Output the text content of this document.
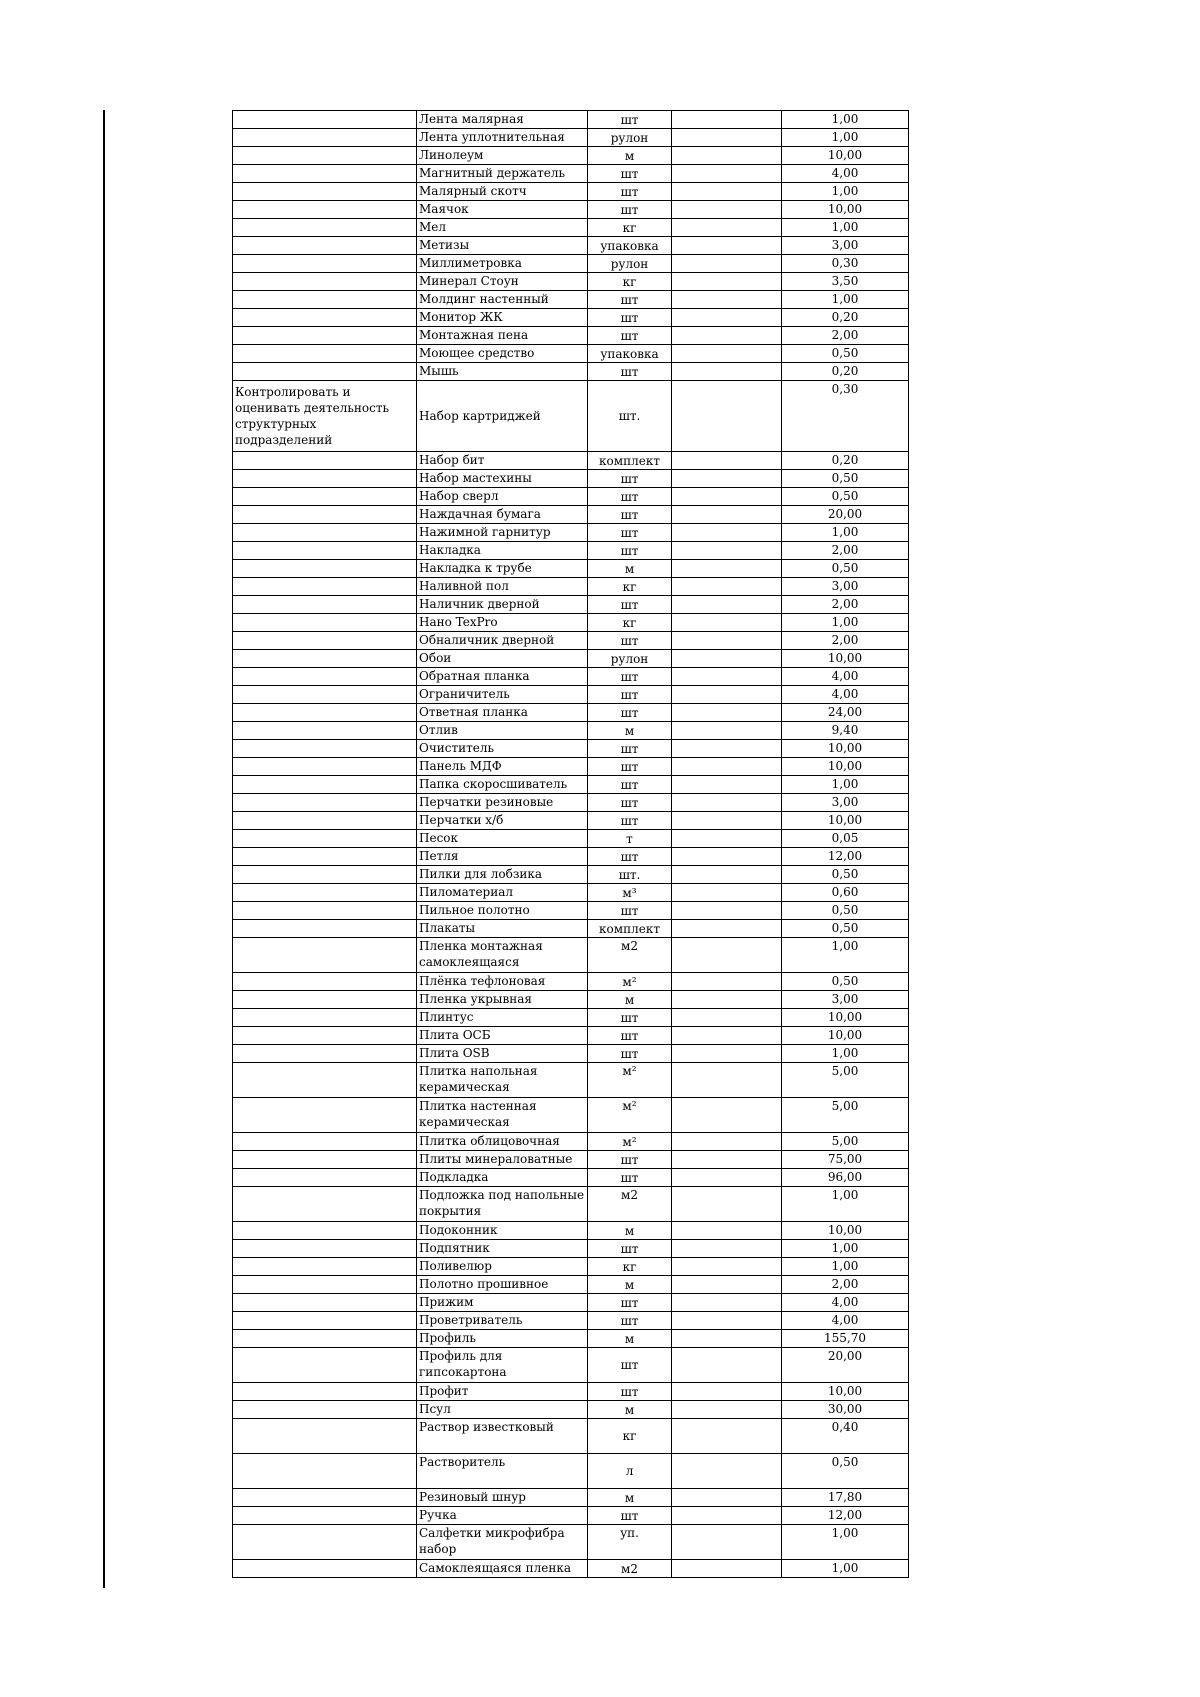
	Лента малярная	шт		1,00
	Лента уплотнительная	рулон		1,00
	Линолеум	м		10,00
	Магнитный держатель	шт		4,00
	Малярный скотч	шт		1,00
	Маячок	шт		10,00
	Мел	кг		1,00
	Метизы	упаковка		3,00
	Миллиметровка	рулон		0,30
	Минерал Стоун	кг		3,50
	Молдинг настенный	шт		1,00
	Монитор ЖК	шт		0,20
	Монтажная пена	шт		2,00
	Моющее средство	упаковка		0,50
	Мышь	шт		0,20
Контролировать и оценивать деятельность структурных подразделений	Набор картриджей	шт.		0,30
	Набор бит	комплект		0,20
	Набор мастехины	шт		0,50
	Набор сверл	шт		0,50
	Наждачная бумага	шт		20,00
	Нажимной гарнитур	шт		1,00
	Накладка	шт		2,00
	Накладка к трубе	м		0,50
	Наливной пол	кг		3,00
	Наличник дверной	шт		2,00
	Нано TexPro	кг		1,00
	Обналичник дверной	шт		2,00
	Обои	рулон		10,00
	Обратная планка	шт		4,00
	Ограничитель	шт		4,00
	Ответная планка	шт		24,00
	Отлив	м		9,40
	Очиститель	шт		10,00
	Панель МДФ	шт		10,00
	Папка скоросшиватель	шт		1,00
	Перчатки резиновые	шт		3,00
	Перчатки х/б	шт		10,00
	Песок	т		0,05
	Петля	шт		12,00
	Пилки для лобзика	шт.		0,50
	Пиломатериал	м³		0,60
	Пильное полотно	шт		0,50
	Плакаты	комплект		0,50
	Пленка монтажная самоклеящаяся	м2		1,00
	Плёнка тефлоновая	м²		0,50
	Пленка укрывная	м		3,00
	Плинтус	шт		10,00
	Плита ОСБ	шт		10,00
	Плита OSB	шт		1,00
	Плитка напольная керамическая	м²		5,00
	Плитка настенная керамическая	м²		5,00
	Плитка облицовочная	м²		5,00
	Плиты минераловатные	шт		75,00
	Подкладка	шт		96,00
	Подложка под напольные покрытия	м2		1,00
	Подоконник	м		10,00
	Подпятник	шт		1,00
	Поливелюр	кг		1,00
	Полотно прошивное	м		2,00
	Прижим	шт		4,00
	Проветриватель	шт		4,00
	Профиль	м		155,70
	Профиль для гипсокартона	шт		20,00
	Профит	шт		10,00
	Псул	м		30,00
	Раствор известковый	кг		0,40
	Растворитель	л		0,50
	Резиновый шнур	м		17,80
	Ручка	шт		12,00
	Салфетки микрофибра набор	уп.		1,00
	Самоклеящаяся пленка	м2		1,00
